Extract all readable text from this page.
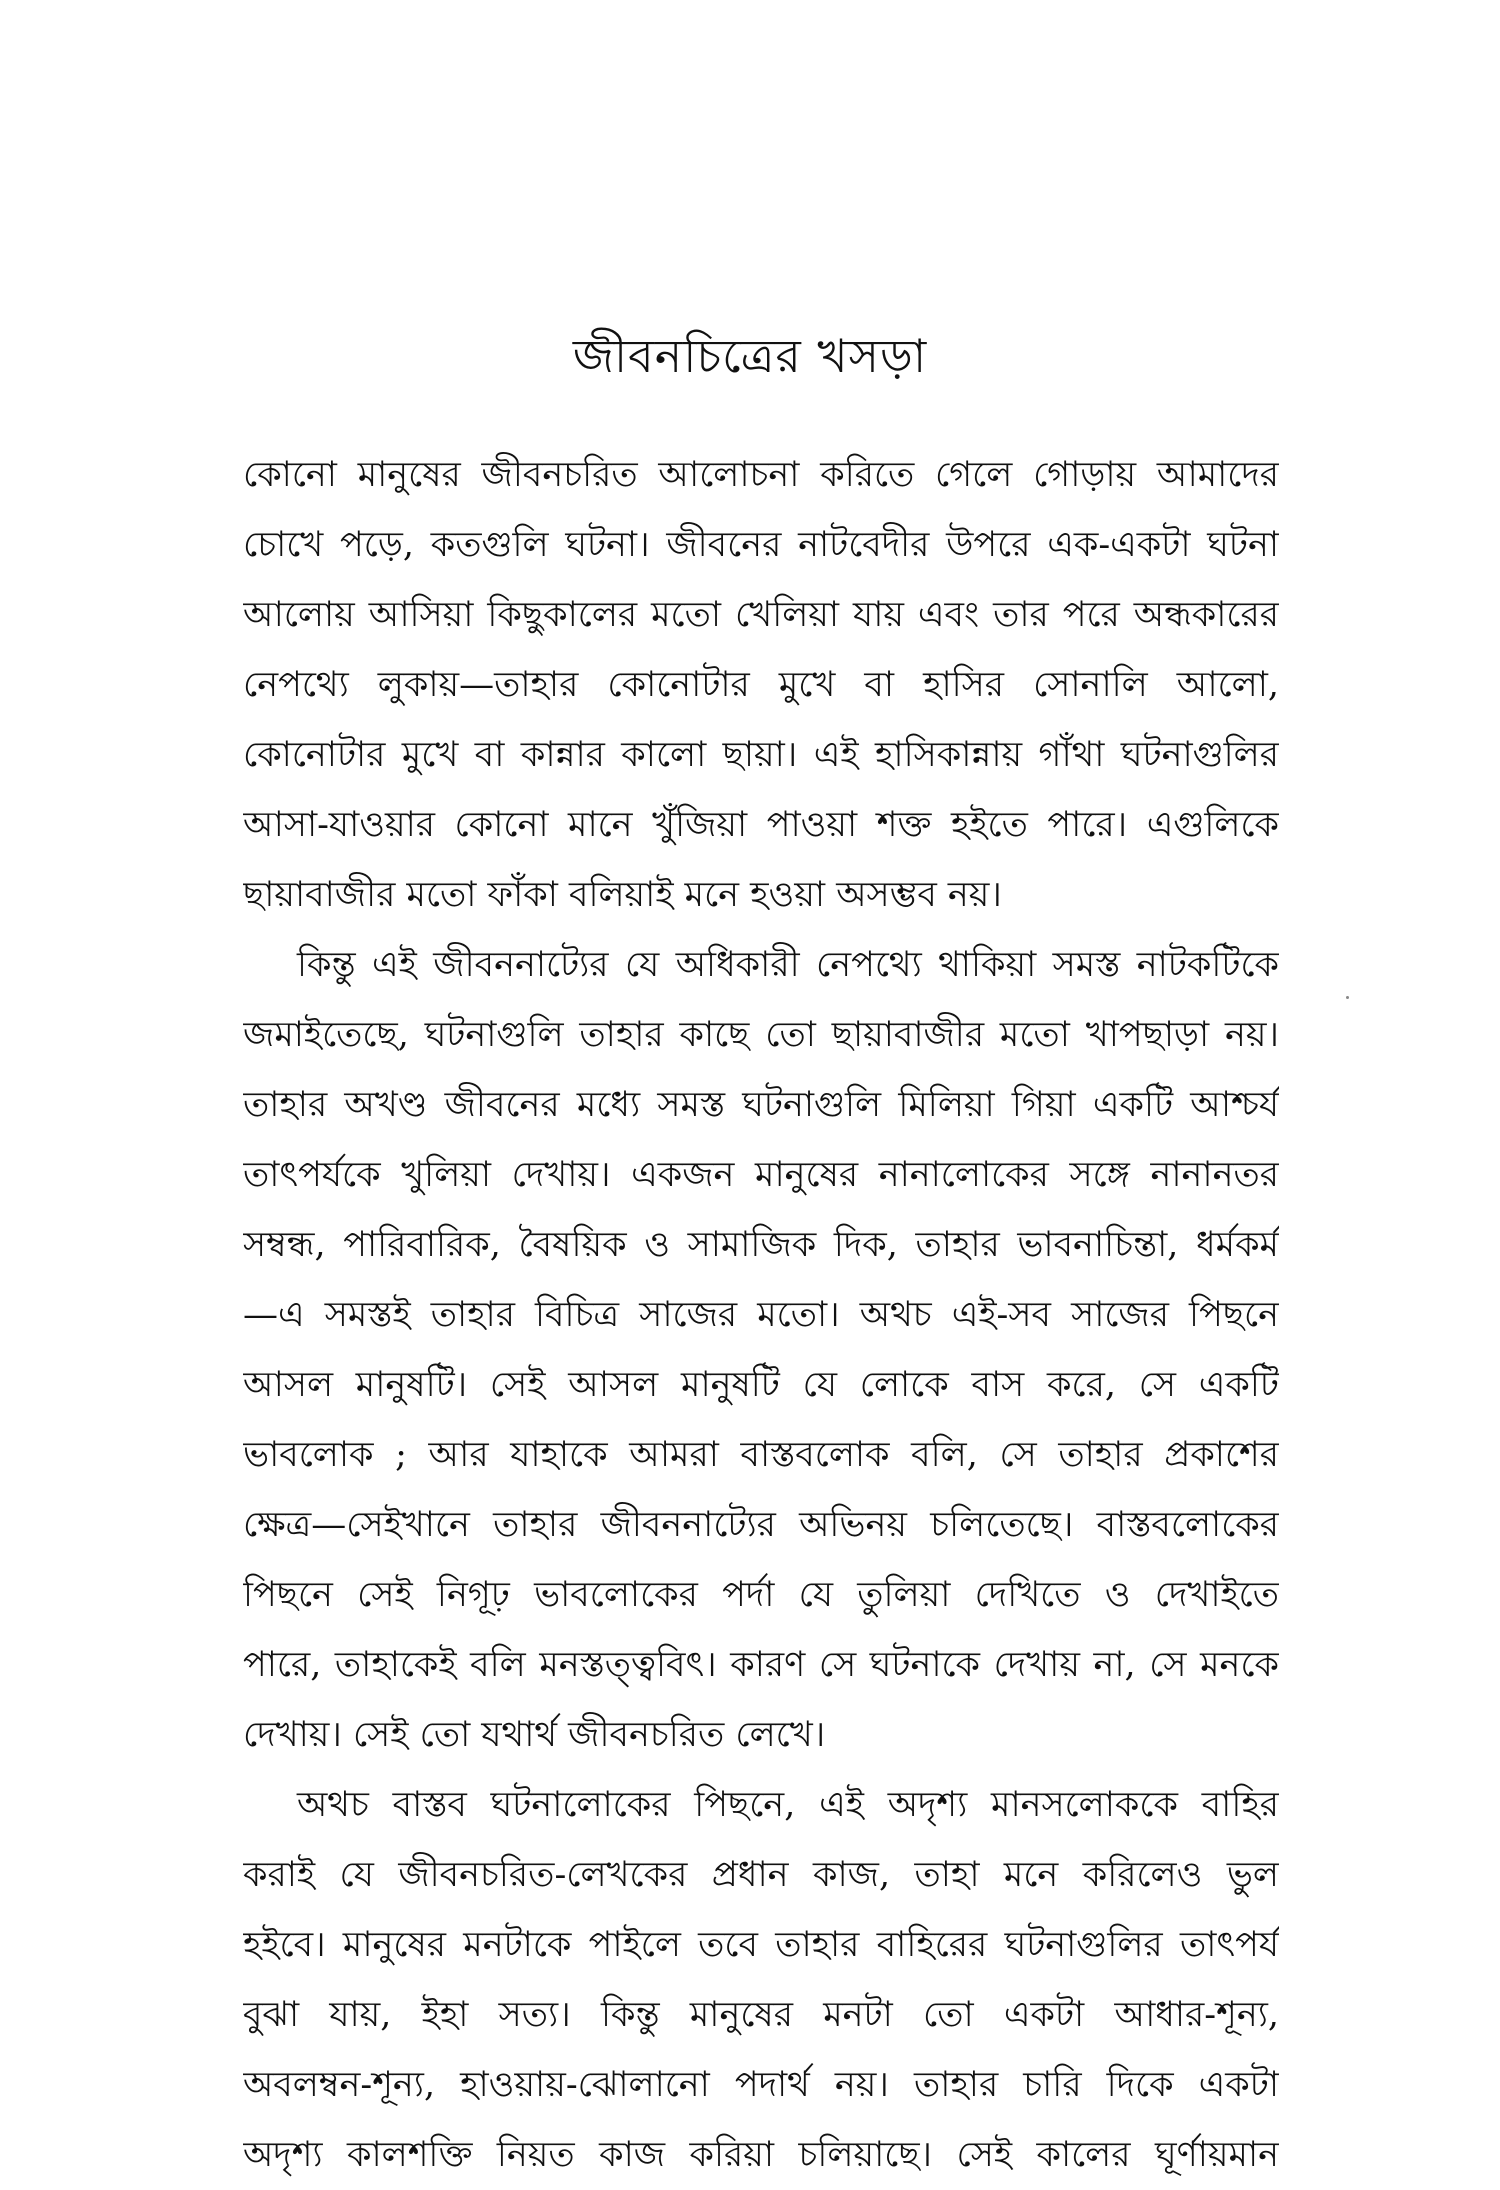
জীবনচিত্রের খসড়া
কোনো মানুষের জীবনচরিত আলোচনা করিতে গেলে গোড়ায় আমাদের
চোখে পড়ে, কতগুলি ঘটনা। জীবনের নাটবেদীর উপরে এক-একটা ঘটনা
আলোয় আসিয়া কিছুকালের মতো খেলিয়া যায় এবং তার পরে অন্ধকারের
নেপথ্যে লুকায়—তাহার কোনোটার মুখে বা হাসির সোনালি আলো,
কোনোটার মুখে বা কান্নার কালো ছায়া। এই হাসিকান্নায় গাঁথা ঘটনাগুলির
আসা-যাওয়ার কোনো মানে খুঁজিয়া পাওয়া শক্ত হইতে পারে। এগুলিকে
ছায়াবাজীর মতো ফাঁকা বলিয়াই মনে হওয়া অসম্ভব নয়।
কিন্তু এই জীবননাট্যের যে অধিকারী নেপথ্যে থাকিয়া সমস্ত নাটকটিকে
জমাইতেছে, ঘটনাগুলি তাহার কাছে তো ছায়াবাজীর মতো খাপছাড়া নয়।
তাহার অখণ্ড জীবনের মধ্যে সমস্ত ঘটনাগুলি মিলিয়া গিয়া একটি আশ্চর্য
তাৎপর্যকে খুলিয়া দেখায়। একজন মানুষের নানালোকের সঙ্গে নানানতর
সম্বন্ধ, পারিবারিক, বৈষয়িক ও সামাজিক দিক, তাহার ভাবনাচিন্তা, ধর্মকর্ম
—এ সমস্তই তাহার বিচিত্র সাজের মতো। অথচ এই-সব সাজের পিছনে
আসল মানুষটি। সেই আসল মানুষটি যে লোকে বাস করে, সে একটি
ভাবলোক ; আর যাহাকে আমরা বাস্তবলোক বলি, সে তাহার প্রকাশের
ক্ষেত্র—সেইখানে তাহার জীবননাট্যের অভিনয় চলিতেছে। বাস্তবলোকের
পিছনে সেই নিগূঢ় ভাবলোকের পর্দা যে তুলিয়া দেখিতে ও দেখাইতে
পারে, তাহাকেই বলি মনস্তত্ত্ববিৎ। কারণ সে ঘটনাকে দেখায় না, সে মনকে
দেখায়। সেই তো যথার্থ জীবনচরিত লেখে।
অথচ বাস্তব ঘটনালোকের পিছনে, এই অদৃশ্য মানসলোককে বাহির
করাই যে জীবনচরিত-লেখকের প্রধান কাজ, তাহা মনে করিলেও ভুল
হইবে। মানুষের মনটাকে পাইলে তবে তাহার বাহিরের ঘটনাগুলির তাৎপর্য
বুঝা যায়, ইহা সত্য। কিন্তু মানুষের মনটা তো একটা আধার-শূন্য,
অবলম্বন-শূন্য, হাওয়ায়-ঝোলানো পদার্থ নয়। তাহার চারি দিকে একটা
অদৃশ্য কালশক্তি নিয়ত কাজ করিয়া চলিয়াছে। সেই কালের ঘূর্ণায়মান
